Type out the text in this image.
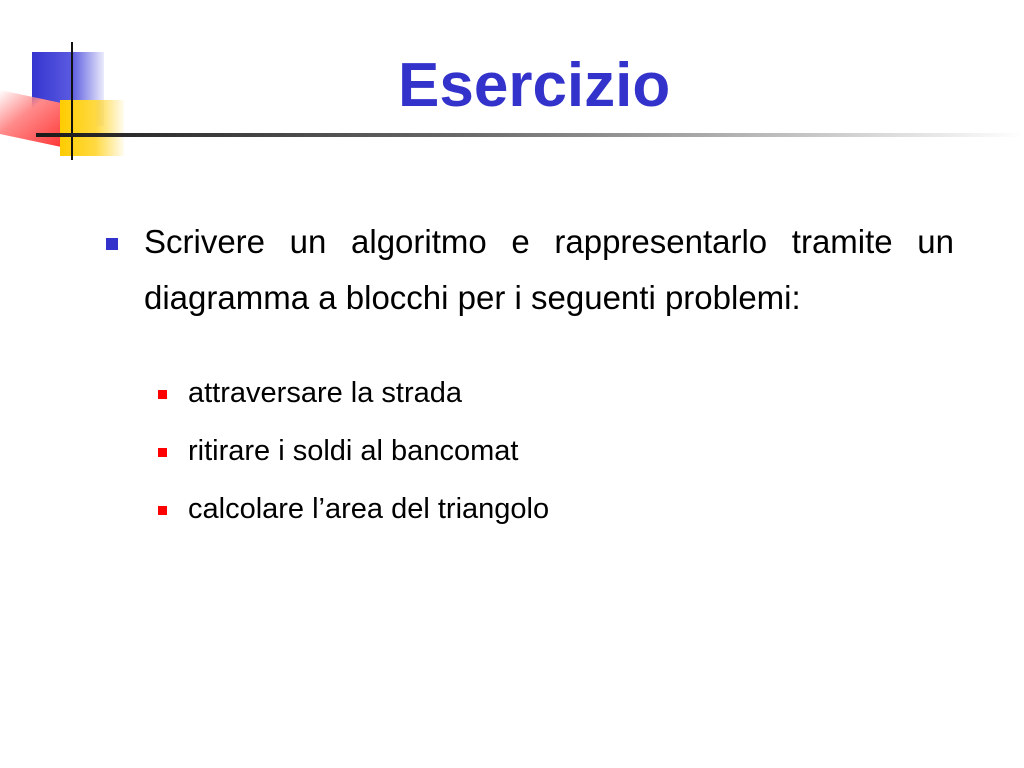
Esercizio
Scrivere un algoritmo e rappresentarlo tramite un diagramma a blocchi per i seguenti problemi:
attraversare la strada
ritirare i soldi al bancomat
calcolare l’area del triangolo
